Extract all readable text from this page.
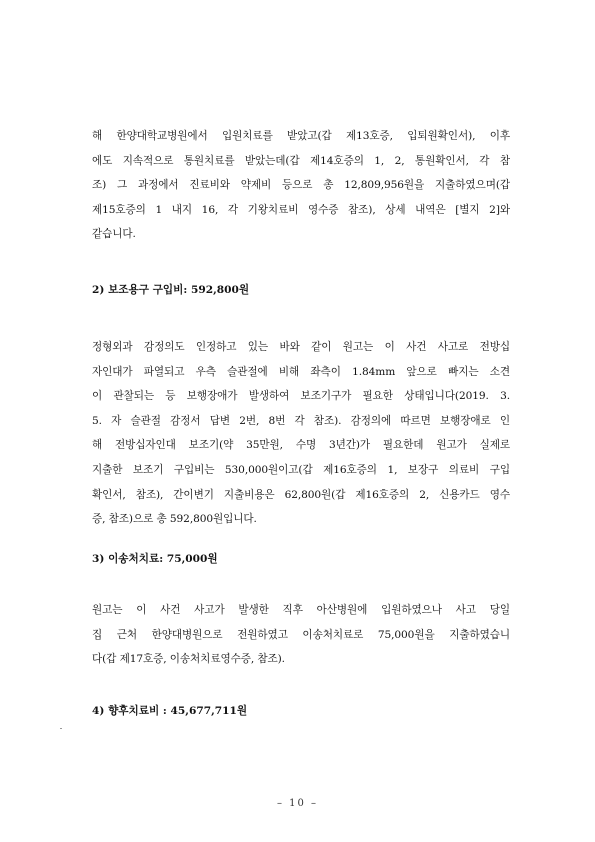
해 한양대학교병원에서 입원치료를 받았고(갑 제13호증, 입퇴원확인서), 이후
에도 지속적으로 통원치료를 받았는데(갑 제14호증의 1, 2, 통원확인서, 각 참
조) 그 과정에서 진료비와 약제비 등으로 총 12,809,956원을 지출하였으며(갑
제15호증의 1 내지 16, 각 기왕치료비 영수증 참조), 상세 내역은 [별지 2]와
같습니다.
2) 보조용구 구입비: 592,800원
정형외과 감정의도 인정하고 있는 바와 같이 원고는 이 사건 사고로 전방십
자인대가 파열되고 우측 슬관절에 비해 좌측이 1.84mm 앞으로 빠지는 소견
이 관찰되는 등 보행장애가 발생하여 보조기구가 필요한 상태입니다(2019. 3.
5. 자 슬관절 감정서 답변 2번, 8번 각 참조). 감정의에 따르면 보행장애로 인
해 전방십자인대 보조기(약 35만원, 수명 3년간)가 필요한데 원고가 실제로
지출한 보조기 구입비는 530,000원이고(갑 제16호증의 1, 보장구 의료비 구입
확인서, 참조), 간이변기 지출비용은 62,800원(갑 제16호증의 2, 신용카드 영수
증, 참조)으로 총 592,800원입니다.
3) 이송처치료: 75,000원
원고는 이 사건 사고가 발생한 직후 아산병원에 입원하였으나 사고 당일
집 근처 한양대병원으로 전원하였고 이송처치료로 75,000원을 지출하였습니
다(갑 제17호증, 이송처치료영수증, 참조).
4) 향후치료비 : 45,677,711원
– 10 –
